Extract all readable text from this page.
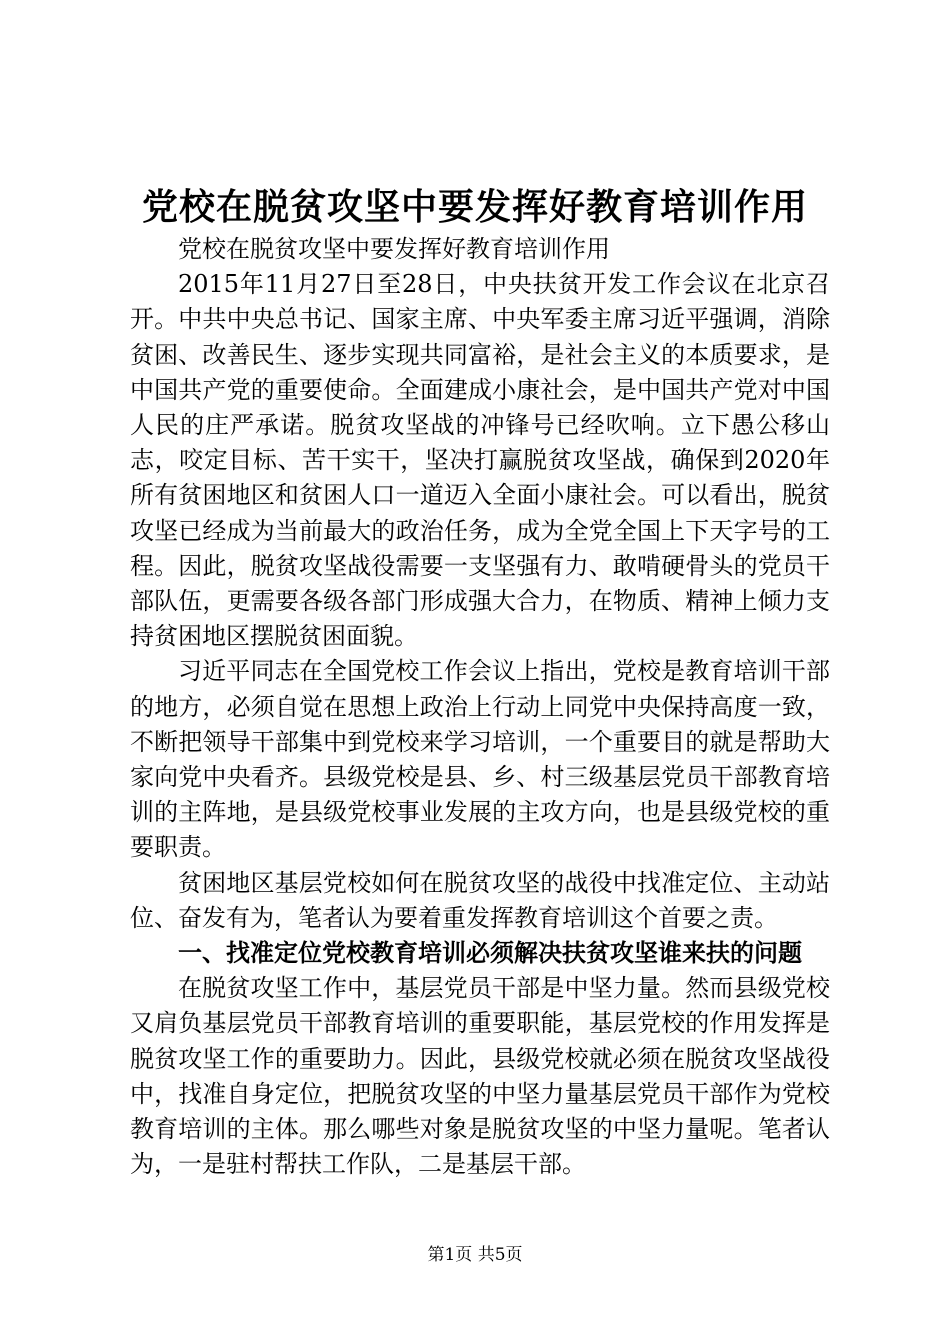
党校在脱贫攻坚中要发挥好教育培训作用

党校在脱贫攻坚中要发挥好教育培训作用

2015年11月27日至28日，中央扶贫开发工作会议在北京召开。中共中央总书记、国家主席、中央军委主席习近平强调，消除贫困、改善民生、逐步实现共同富裕，是社会主义的本质要求，是中国共产党的重要使命。全面建成小康社会，是中国共产党对中国人民的庄严承诺。脱贫攻坚战的冲锋号已经吹响。立下愚公移山志，咬定目标、苦干实干，坚决打赢脱贫攻坚战，确保到2020年所有贫困地区和贫困人口一道迈入全面小康社会。可以看出，脱贫攻坚已经成为当前最大的政治任务，成为全党全国上下天字号的工程。因此，脱贫攻坚战役需要一支坚强有力、敢啃硬骨头的党员干部队伍，更需要各级各部门形成强大合力，在物质、精神上倾力支持贫困地区摆脱贫困面貌。

习近平同志在全国党校工作会议上指出，党校是教育培训干部的地方，必须自觉在思想上政治上行动上同党中央保持高度一致，不断把领导干部集中到党校来学习培训，一个重要目的就是帮助大家向党中央看齐。县级党校是县、乡、村三级基层党员干部教育培训的主阵地，是县级党校事业发展的主攻方向，也是县级党校的重要职责。

贫困地区基层党校如何在脱贫攻坚的战役中找准定位、主动站位、奋发有为，笔者认为要着重发挥教育培训这个首要之责。

一、找准定位党校教育培训必须解决扶贫攻坚谁来扶的问题

在脱贫攻坚工作中，基层党员干部是中坚力量。然而县级党校又肩负基层党员干部教育培训的重要职能，基层党校的作用发挥是脱贫攻坚工作的重要助力。因此，县级党校就必须在脱贫攻坚战役中，找准自身定位，把脱贫攻坚的中坚力量基层党员干部作为党校教育培训的主体。那么哪些对象是脱贫攻坚的中坚力量呢。笔者认为，一是驻村帮扶工作队，二是基层干部。

第1页 共5页
